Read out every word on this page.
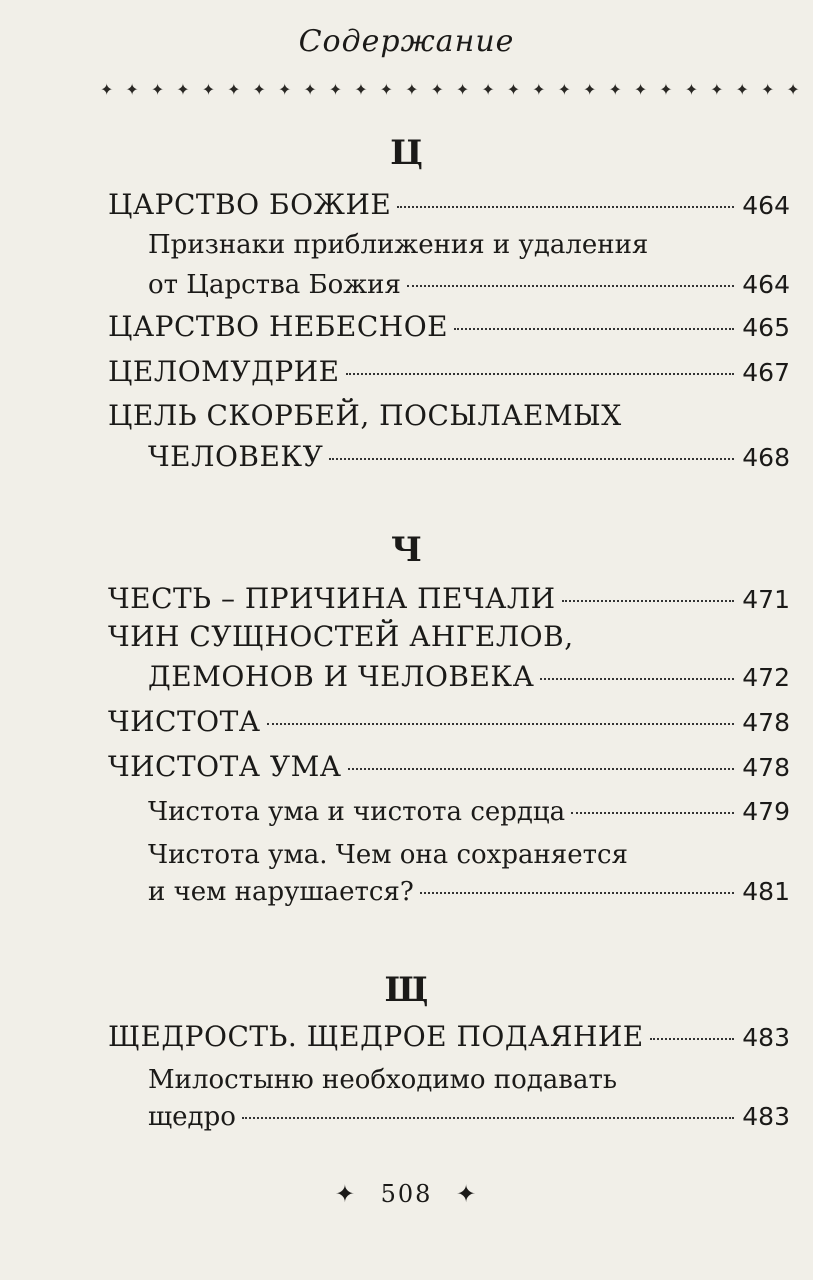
Содержание
✦ ✦ ✦ ✦ ✦ ✦ ✦ ✦ ✦ ✦ ✦ ✦ ✦ ✦ ✦ ✦ ✦ ✦ ✦ ✦ ✦ ✦ ✦ ✦ ✦ ✦ ✦ ✦
Ц
ЦАРСТВО БОЖИЕ	464
Признаки приближения и удаления
от Царства Божия	464
ЦАРСТВО НЕБЕСНОЕ	465
ЦЕЛОМУДРИЕ	467
ЦЕЛЬ СКОРБЕЙ, ПОСЫЛАЕМЫХ
ЧЕЛОВЕКУ	468
Ч
ЧЕСТЬ – ПРИЧИНА ПЕЧАЛИ	471
ЧИН СУЩНОСТЕЙ АНГЕЛОВ,
ДЕМОНОВ И ЧЕЛОВЕКА	472
ЧИСТОТА	478
ЧИСТОТА УМА	478
Чистота ума и чистота сердца	479
Чистота ума. Чем она сохраняется
и чем нарушается?	481
Щ
ЩЕДРОСТЬ. ЩЕДРОЕ ПОДАЯНИЕ	483
Милостыню необходимо подавать
щедро	483
✦ 508 ✦
